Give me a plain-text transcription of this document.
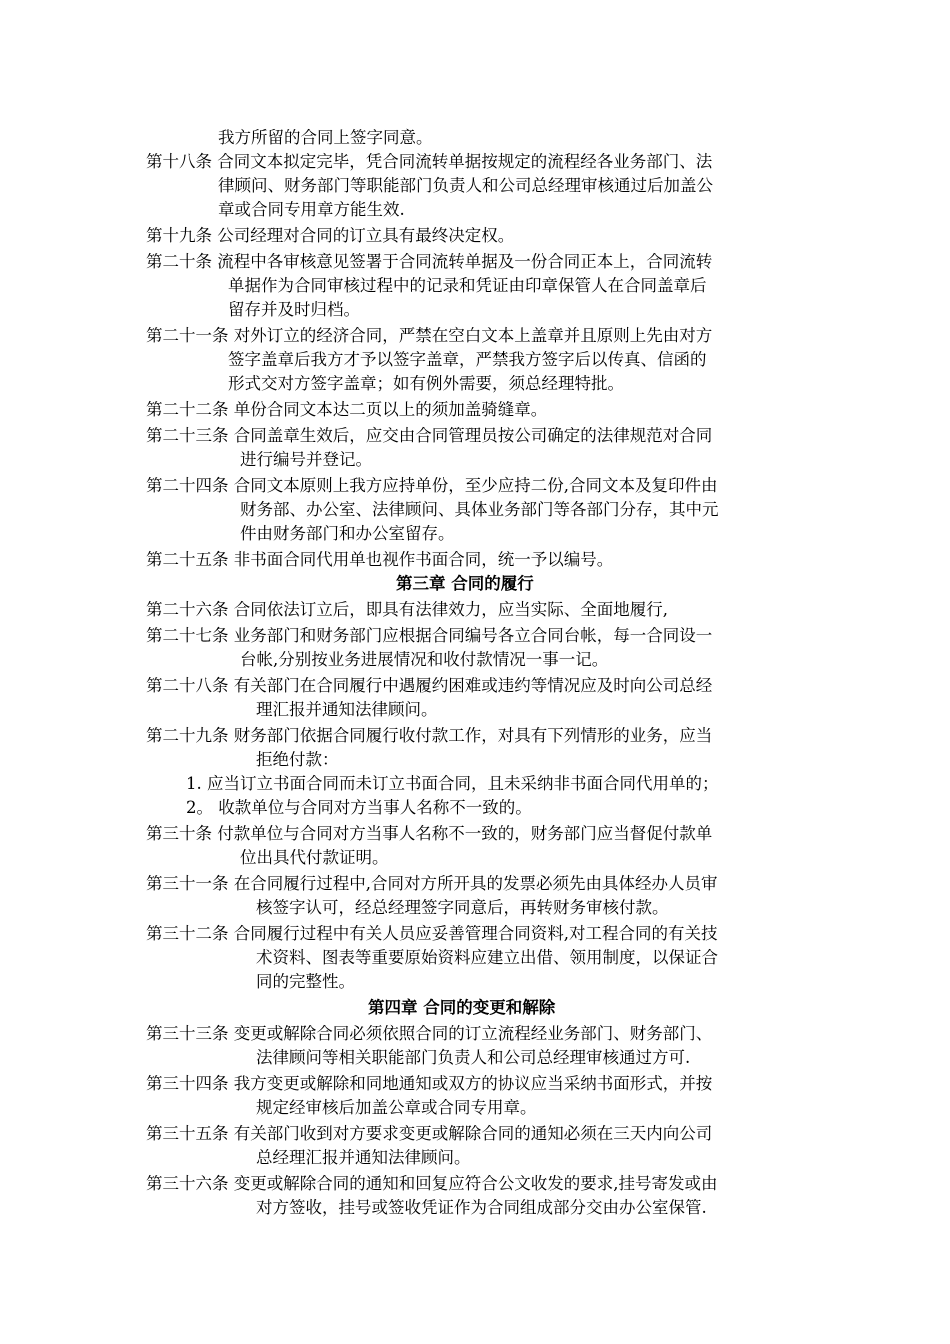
我方所留的合同上签字同意。
第十八条 合同文本拟定完毕，凭合同流转单据按规定的流程经各业务部门、法
律顾问、财务部门等职能部门负责人和公司总经理审核通过后加盖公
章或合同专用章方能生效.
第十九条 公司经理对合同的订立具有最终决定权。
第二十条 流程中各审核意见签署于合同流转单据及一份合同正本上，合同流转
单据作为合同审核过程中的记录和凭证由印章保管人在合同盖章后
留存并及时归档。
第二十一条 对外订立的经济合同，严禁在空白文本上盖章并且原则上先由对方
签字盖章后我方才予以签字盖章，严禁我方签字后以传真、信函的
形式交对方签字盖章；如有例外需要，须总经理特批。
第二十二条 单份合同文本达二页以上的须加盖骑缝章。
第二十三条 合同盖章生效后，应交由合同管理员按公司确定的法律规范对合同
进行编号并登记。
第二十四条 合同文本原则上我方应持单份，至少应持二份,合同文本及复印件由
财务部、办公室、法律顾问、具体业务部门等各部门分存，其中元
件由财务部门和办公室留存。
第二十五条 非书面合同代用单也视作书面合同，统一予以编号。
第三章 合同的履行
第二十六条 合同依法订立后，即具有法律效力，应当实际、全面地履行,
第二十七条 业务部门和财务部门应根据合同编号各立合同台帐，每一合同设一
台帐,分别按业务进展情况和收付款情况一事一记。
第二十八条 有关部门在合同履行中遇履约困难或违约等情况应及时向公司总经
理汇报并通知法律顾问。
第二十九条 财务部门依据合同履行收付款工作，对具有下列情形的业务，应当
拒绝付款：
1. 应当订立书面合同而未订立书面合同，且未采纳非书面合同代用单的；
2。 收款单位与合同对方当事人名称不一致的。
第三十条 付款单位与合同对方当事人名称不一致的，财务部门应当督促付款单
位出具代付款证明。
第三十一条 在合同履行过程中,合同对方所开具的发票必须先由具体经办人员审
核签字认可，经总经理签字同意后，再转财务审核付款。
第三十二条 合同履行过程中有关人员应妥善管理合同资料,对工程合同的有关技
术资料、图表等重要原始资料应建立出借、领用制度，以保证合
同的完整性。
第四章 合同的变更和解除
第三十三条 变更或解除合同必须依照合同的订立流程经业务部门、财务部门、
法律顾问等相关职能部门负责人和公司总经理审核通过方可.
第三十四条 我方变更或解除和同地通知或双方的协议应当采纳书面形式，并按
规定经审核后加盖公章或合同专用章。
第三十五条 有关部门收到对方要求变更或解除合同的通知必须在三天内向公司
总经理汇报并通知法律顾问。
第三十六条 变更或解除合同的通知和回复应符合公文收发的要求,挂号寄发或由
对方签收，挂号或签收凭证作为合同组成部分交由办公室保管.
